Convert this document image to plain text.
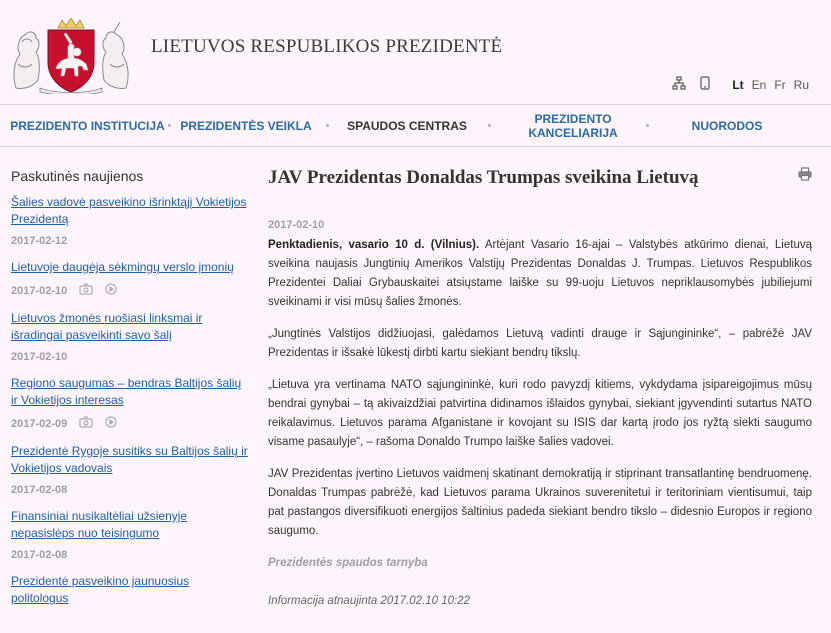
LIETUVOS RESPUBLIKOS PREZIDENTĖ
Lt En Fr Ru
PREZIDENTO INSTITUCIJA	PREZIDENTĖS VEIKLA	SPAUDOS CENTRAS	PREZIDENTO KANCELIARIJA	NUORODOS
Paskutinės naujienos
Šalies vadovė pasveikino išrinktąjį Vokietijos Prezidentą
2017-02-12
Lietuvoje daugėja sėkmingų verslo įmonių
2017-02-10
Lietuvos žmonės ruošiasi linksmai ir išradingai pasveikinti savo šalį
2017-02-10
Regiono saugumas – bendras Baltijos šalių ir Vokietijos interesas
2017-02-09
Prezidentė Rygoje susitiks su Baltijos šalių ir Vokietijos vadovais
2017-02-08
Finansiniai nusikaltėliai užsienyje nepasislėps nuo teisingumo
2017-02-08
Prezidentė pasveikino jaunuosius politologus
JAV Prezidentas Donaldas Trumpas sveikina Lietuvą
2017-02-10

Penktadienis, vasario 10 d. (Vilnius). Artėjant Vasario 16-ajai – Valstybės atkūrimo dienai, Lietuvą sveikina naujasis Jungtinių Amerikos Valstijų Prezidentas Donaldas J. Trumpas. Lietuvos Respublikos Prezidentei Daliai Grybauskaitei atsiųstame laiške su 99-uoju Lietuvos nepriklausomybės jubiliejumi sveikinami ir visi mūsų šalies žmonės.

„Jungtinės Valstijos didžiuojasi, galėdamos Lietuvą vadinti drauge ir Sąjungininke“, – pabrėžė JAV Prezidentas ir išsakė lūkestį dirbti kartu siekiant bendrų tikslų.

„Lietuva yra vertinama NATO sąjungininkė, kuri rodo pavyzdį kitiems, vykdydama įsipareigojimus mūsų bendrai gynybai – tą akivaizdžiai patvirtina didinamos išlaidos gynybai, siekiant įgyvendinti sutartus NATO reikalavimus. Lietuvos parama Afganistane ir kovojant su ISIS dar kartą įrodo jos ryžtą siekti saugumo visame pasaulyje“, – rašoma Donaldo Trumpo laiške šalies vadovei.

JAV Prezidentas įvertino Lietuvos vaidmenį skatinant demokratiją ir stiprinant transatlantinę bendruomenę. Donaldas Trumpas pabrėžė, kad Lietuvos parama Ukrainos suverenitetui ir teritoriniam vientisumui, taip pat pastangos diversifikuoti energijos šaltinius padeda siekiant bendro tikslo – didesnio Europos ir regiono saugumo.

Prezidentės spaudos tarnyba
Informacija atnaujinta 2017.02.10 10:22
